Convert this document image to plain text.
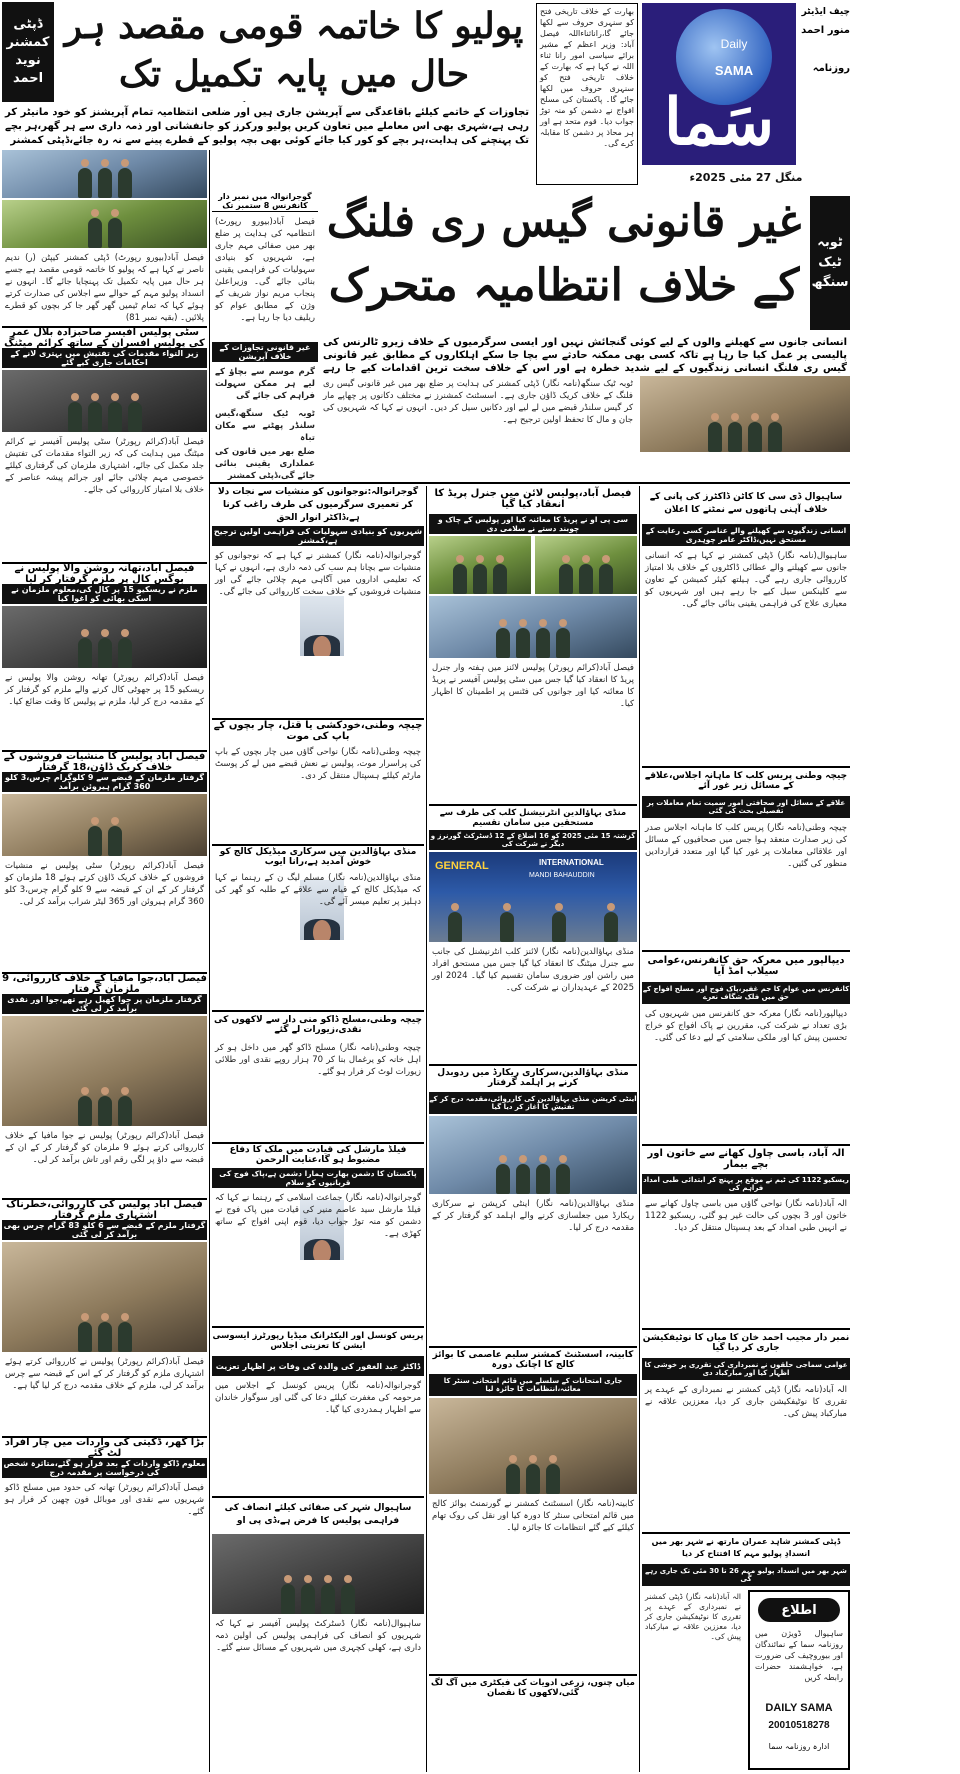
Daily
SAMA
سَما
چیف ایڈیٹر
منور احمد
روزنامہ
منگل 27 مئی 2025ء
بھارت کے خلاف تاریخی فتح کو سنہری حروف سے لکھا جائے گا،راناثناءاللہ فیصل آباد: وزیر اعظم کے مشیر برائے سیاسی امور رانا ثناء اللہ نے کہا ہے کہ بھارت کے خلاف تاریخی فتح کو سنہری حروف میں لکھا جائے گا۔ پاکستان کی مسلح افواج نے دشمن کو منہ توڑ جواب دیا۔ قوم متحد ہے اور ہر محاذ پر دشمن کا مقابلہ کرے گی۔
پولیو کا خاتمہ قومی مقصد ہر حال میں پایہ تکمیل تک
ڈپٹی کمشنر نوید احمد
تجاوزات کے خاتمے کیلئے باقاعدگی سے آپریشن جاری ہیں اور ضلعی انتظامیہ تمام آپریشنز کو خود مانیٹر کر رہی ہے،شہری بھی اس معاملے میں تعاون کریں پولیو ورکرز کو جانفشانی اور ذمہ داری سے ہر گھر،ہر بچے تک پہنچنے کی ہدایت،ہر بچے کو کور کیا جائے کوئی بھی بچہ پولیو کے قطرے پینے سے نہ رہ جائے،ڈپٹی کمشنر
فیصل آباد(بیورو رپورٹ) ڈپٹی کمشنر کیپٹن (ر) ندیم ناصر نے کہا ہے کہ پولیو کا خاتمہ قومی مقصد ہے جسے ہر حال میں پایہ تکمیل تک پہنچایا جائے گا۔ انہوں نے انسداد پولیو مہم کے حوالے سے اجلاس کی صدارت کرتے ہوئے کہا کہ تمام ٹیمیں گھر گھر جا کر بچوں کو قطرے پلائیں۔ (بقیہ نمبر 81)
سٹی پولیس آفیسر صاحبزادہ بلال عمر کی پولیس افسران کے ساتھ کرائم میٹنگ
زیر التواء مقدمات کی تفتیش میں بہتری لانے کے احکامات جاری کیے گئے
فیصل آباد(کرائم رپورٹر) سٹی پولیس آفیسر نے کرائم میٹنگ میں ہدایت کی کہ زیر التواء مقدمات کی تفتیش جلد مکمل کی جائے، اشتہاری ملزمان کی گرفتاری کیلئے خصوصی مہم چلائی جائے اور جرائم پیشہ عناصر کے خلاف بلا امتیاز کارروائی کی جائے۔
فیصل آباد،تھانہ روشن والا پولیس نے بوگس کال پر ملزم گرفتار کر لیا
ملزم نے ریسکیو 15 پر کال کی،معلوم ملزمان نے اسکی بھائی کو اغوا کیا
فیصل آباد(کرائم رپورٹر) تھانہ روشن والا پولیس نے ریسکیو 15 پر جھوٹی کال کرنے والے ملزم کو گرفتار کر کے مقدمہ درج کر لیا، ملزم نے پولیس کا وقت ضائع کیا۔
فیصل آباد پولیس کا منشیات فروشوں کے خلاف کریک ڈاؤن،18 گرفتار
گرفتار ملزمان کے قبضے سے 9 کلوگرام چرس،3 کلو 360 گرام ہیروئن برآمد
فیصل آباد(کرائم رپورٹر) سٹی پولیس نے منشیات فروشوں کے خلاف کریک ڈاؤن کرتے ہوئے 18 ملزمان کو گرفتار کر کے ان کے قبضہ سے 9 کلو گرام چرس،3 کلو 360 گرام ہیروئن اور 365 لیٹر شراب برآمد کر لی۔
فیصل آباد،جوا مافیا کے خلاف کارروائی، 9 ملزمان گرفتار
گرفتار ملزمان پر جوا کھیل رہے تھے،جوا اور نقدی برآمد کر لی گئی
فیصل آباد(کرائم رپورٹر) پولیس نے جوا مافیا کے خلاف کارروائی کرتے ہوئے 9 ملزمان کو گرفتار کر کے ان کے قبضہ سے داؤ پر لگی رقم اور تاش برآمد کر لی۔
فیصل آباد پولیس کی کارروائی،خطرناک اشتہاری ملزم گرفتار
گرفتار ملزم کے قبضے سے 6 کلو 83 گرام چرس بھی برآمد کر لی گئی
فیصل آباد(کرائم رپورٹر) پولیس نے کارروائی کرتے ہوئے اشتہاری ملزم کو گرفتار کر کے اس کے قبضہ سے چرس برآمد کر لی، ملزم کے خلاف مقدمہ درج کر لیا گیا ہے۔
بڑا گھر، ڈکیتی کی واردات میں چار افراد لٹ گئے
معلوم ڈاکو واردات کے بعد فرار ہو گئے،متاثرہ شخص کی درخواست پر مقدمہ درج
فیصل آباد(کرائم رپورٹر) تھانہ کی حدود میں مسلح ڈاکو شہریوں سے نقدی اور موبائل فون چھین کر فرار ہو گئے۔
ٹوبہ ٹیک سنگھ
غیر قانونی گیس ری فلنگ کے خلاف انتظامیہ متحرک
انسانی جانوں سے کھیلنے والوں کے لیے کوئی گنجائش نہیں اور ایسی سرگرمیوں کے خلاف زیرو ٹالرنس کی پالیسی پر عمل کیا جا رہا ہے تاکہ کسی بھی ممکنہ حادثے سے بچا جا سکے اہلکاروں کے مطابق غیر قانونی گیس ری فلنگ انسانی زندگیوں کے لیے شدید خطرہ ہے اور اس کے خلاف سخت ترین اقدامات کیے جا رہے
ٹوبہ ٹیک سنگھ(نامہ نگار) ڈپٹی کمشنر کی ہدایت پر ضلع بھر میں غیر قانونی گیس ری فلنگ کے خلاف کریک ڈاؤن جاری ہے۔ اسسٹنٹ کمشنرز نے مختلف دکانوں پر چھاپے مار کر گیس سلنڈر قبضے میں لے لیے اور دکانیں سیل کر دیں۔ انہوں نے کہا کہ شہریوں کی جان و مال کا تحفظ اولین ترجیح ہے۔
گوجرانوالہ میں نمبر دار کانفرنس 8 ستمبر تک
فیصل آباد(بیورو رپورٹ) انتظامیہ کی ہدایت پر ضلع بھر میں صفائی مہم جاری ہے، شہریوں کو بنیادی سہولیات کی فراہمی یقینی بنائی جائے گی۔ وزیراعلیٰ پنجاب مریم نواز شریف کے وژن کے مطابق عوام کو ریلیف دیا جا رہا ہے۔
غیر قانونی تجاوزات کے خلاف آپریشن
گرم موسم سے بچاؤ کے لیے ہر ممکن سہولت فراہم کی جائے گی
ٹوبہ ٹیک سنگھ،گیس سلنڈر پھٹنے سے مکان تباہ
ضلع بھر میں قانون کی عملداری یقینی بنائی جائے گی،ڈپٹی کمشنر
گوجرانوالہ:نوجوانوں کو منشیات سے نجات دلا کر تعمیری سرگرمیوں کی طرف راغب کرنا ہے،ڈاکٹر انوار الحق
شہریوں کو بنیادی سہولیات کی فراہمی اولین ترجیح ہے،کمشنر
گوجرانوالہ(نامہ نگار) کمشنر نے کہا ہے کہ نوجوانوں کو منشیات سے بچانا ہم سب کی ذمہ داری ہے، انہوں نے کہا کہ تعلیمی اداروں میں آگاہی مہم چلائی جائے گی اور منشیات فروشوں کے خلاف سخت کارروائی کی جائے گی۔
چیچہ وطنی،خودکشی یا قتل، چار بچوں کے باپ کی موت
چیچہ وطنی(نامہ نگار) نواحی گاؤں میں چار بچوں کے باپ کی پراسرار موت، پولیس نے نعش قبضے میں لے کر پوسٹ مارٹم کیلئے ہسپتال منتقل کر دی۔
منڈی بہاؤالدین میں سرکاری میڈیکل کالج کو خوش آمدید ہے،رانا ایوب
منڈی بہاؤالدین(نامہ نگار) مسلم لیگ ن کے رہنما نے کہا کہ میڈیکل کالج کے قیام سے علاقے کے طلبہ کو گھر کی دہلیز پر تعلیم میسر آئے گی۔
چیچہ وطنی،مسلح ڈاکو منی دار سے لاکھوں کی نقدی،زیورات لے گئے
چیچہ وطنی(نامہ نگار) مسلح ڈاکو گھر میں داخل ہو کر اہل خانہ کو یرغمال بنا کر 70 ہزار روپے نقدی اور طلائی زیورات لوٹ کر فرار ہو گئے۔
فیلڈ مارشل کی قیادت میں ملک کا دفاع مضبوط ہو گا،عنایت الرحمن
پاکستان کا دشمن بھارت ہمارا دشمن ہے،پاک فوج کی قربانیوں کو سلام
گوجرانوالہ(نامہ نگار) جماعت اسلامی کے رہنما نے کہا کہ فیلڈ مارشل سید عاصم منیر کی قیادت میں پاک فوج نے دشمن کو منہ توڑ جواب دیا، قوم اپنی افواج کے ساتھ کھڑی ہے۔
پریس کونسل اور الیکٹرانک میڈیا رپورٹرز ایسوسی ایشن کا تعزیتی اجلاس
ڈاکٹر عبد الغفور کی والدہ کی وفات پر اظہار تعزیت
گوجرانوالہ(نامہ نگار) پریس کونسل کے اجلاس میں مرحومہ کی مغفرت کیلئے دعا کی گئی اور سوگوار خاندان سے اظہار ہمدردی کیا گیا۔
ساہیوال شہر کی صفائی کیلئے انصاف کی فراہمی پولیس کا فرض ہے،ڈی پی او
ساہیوال(نامہ نگار) ڈسٹرکٹ پولیس آفیسر نے کہا کہ شہریوں کو انصاف کی فراہمی پولیس کی اولین ذمہ داری ہے، کھلی کچہری میں شہریوں کے مسائل سنے گئے۔
فیصل آباد،پولیس لائن میں جنرل پریڈ کا انعقاد کیا گیا
سی پی او نے پریڈ کا معائنہ کیا اور پولیس کے چاک و چوبند دستے نے سلامی دی
فیصل آباد(کرائم رپورٹر) پولیس لائنز میں ہفتہ وار جنرل پریڈ کا انعقاد کیا گیا جس میں سٹی پولیس آفیسر نے پریڈ کا معائنہ کیا اور جوانوں کی فٹنس پر اطمینان کا اظہار کیا۔
منڈی بہاؤالدین انٹرنیشنل کلب کی طرف سے مستحقین میں سامان تقسیم
گزشتہ 15 مئی 2025 کو 16 اضلاع کے 12 ڈسٹرکٹ گورنرز و دیگر نے شرکت کی
GENERAL	INTERNATIONAL
MANDI BAHAUDDIN
منڈی بہاؤالدین(نامہ نگار) لائنز کلب انٹرنیشنل کی جانب سے جنرل میٹنگ کا انعقاد کیا گیا جس میں مستحق افراد میں راشن اور ضروری سامان تقسیم کیا گیا۔ 2024 اور 2025 کے عہدیداران نے شرکت کی۔
منڈی بہاؤالدین،سرکاری ریکارڈ میں ردوبدل کرنے پر اہلمد گرفتار
اینٹی کرپشن منڈی بہاؤالدین کی کارروائی،مقدمہ درج کر کے تفتیش کا آغاز کر دیا گیا
منڈی بہاؤالدین(نامہ نگار) اینٹی کرپشن نے سرکاری ریکارڈ میں جعلسازی کرنے والے اہلمد کو گرفتار کر کے مقدمہ درج کر لیا۔
کابینہ، اسسٹنٹ کمشنر سلیم عاصمی کا بوائز کالج کا اچانک دورہ
جاری امتحانات کے سلسلے میں قائم امتحانی سنٹر کا معائنہ،انتظامات کا جائزہ لیا
کابینہ(نامہ نگار) اسسٹنٹ کمشنر نے گورنمنٹ بوائز کالج میں قائم امتحانی سنٹر کا دورہ کیا اور نقل کی روک تھام کیلئے کیے گئے انتظامات کا جائزہ لیا۔
میاں چنوں، زرعی ادویات کی فیکٹری میں آگ لگ گئی،لاکھوں کا نقصان
ساہیوال ڈی سی کا کاٹن ڈاکٹرز کی پانی کے خلاف آہنی ہاتھوں سے نمٹنے کا اعلان
انسانی زندگیوں سے کھیلنے والے عناصر کسی رعایت کے مستحق نہیں،ڈاکٹر عامر چوہدری
ساہیوال(نامہ نگار) ڈپٹی کمشنر نے کہا ہے کہ انسانی جانوں سے کھیلنے والے عطائی ڈاکٹروں کے خلاف بلا امتیاز کارروائی جاری رہے گی۔ ہیلتھ کیئر کمیشن کے تعاون سے کلینکس سیل کیے جا رہے ہیں اور شہریوں کو معیاری علاج کی فراہمی یقینی بنائی جائے گی۔
چیچہ وطنی پریس کلب کا ماہانہ اجلاس،علاقے کے مسائل زیر غور آئے
علاقے کے مسائل اور صحافتی امور سمیت تمام معاملات پر تفصیلی بحث کی گئی
چیچہ وطنی(نامہ نگار) پریس کلب کا ماہانہ اجلاس صدر کی زیر صدارت منعقد ہوا جس میں صحافیوں کے مسائل اور علاقائی معاملات پر غور کیا گیا اور متعدد قراردادیں منظور کی گئیں۔
دیپالپور میں معرکہ حق کانفرنس،عوامی سیلاب امڈ آیا
کانفرنس میں عوام کا جم غفیر،پاک فوج اور مسلح افواج کے حق میں فلک شگاف نعرے
دیپالپور(نامہ نگار) معرکہ حق کانفرنس میں شہریوں کی بڑی تعداد نے شرکت کی، مقررین نے پاک افواج کو خراج تحسین پیش کیا اور ملکی سلامتی کے لیے دعا کی گئی۔
الہ آباد، باسی چاول کھانے سے خاتون اور بچے بیمار
ریسکیو 1122 کی ٹیم نے موقع پر پہنچ کر ابتدائی طبی امداد فراہم کی
الہ آباد(نامہ نگار) نواحی گاؤں میں باسی چاول کھانے سے خاتون اور 3 بچوں کی حالت غیر ہو گئی، ریسکیو 1122 نے انہیں طبی امداد کے بعد ہسپتال منتقل کر دیا۔
نمبر دار مجیب احمد خان کا میاں کا نوٹیفکیشن جاری کر دیا گیا
عوامی سماجی حلقوں نے نمبرداری کی تقرری پر خوشی کا اظہار کیا اور مبارکباد دی
الہ آباد(نامہ نگار) ڈپٹی کمشنر نے نمبرداری کے عہدے پر تقرری کا نوٹیفکیشن جاری کر دیا، معززین علاقہ نے مبارکباد پیش کی۔
ڈپٹی کمشنر شاہد عمران مارتھ نے شہر بھر میں انسدادِ پولیو مہم کا افتتاح کر دیا
شہر بھر میں انسداد پولیو مہم 26 تا 30 مئی تک جاری رہے گی
اطلاع
ساہیوال ڈویژن میں روزنامہ سما کے نمائندگان اور بیوروچیف کی ضرورت ہے، خواہشمند حضرات رابطہ کریں
DAILY SAMA
20010518278
ادارہ روزنامہ سما
الہ آباد(نامہ نگار) ڈپٹی کمشنر نے نمبرداری کے عہدے پر تقرری کا نوٹیفکیشن جاری کر دیا، معززین علاقہ نے مبارکباد پیش کی۔
